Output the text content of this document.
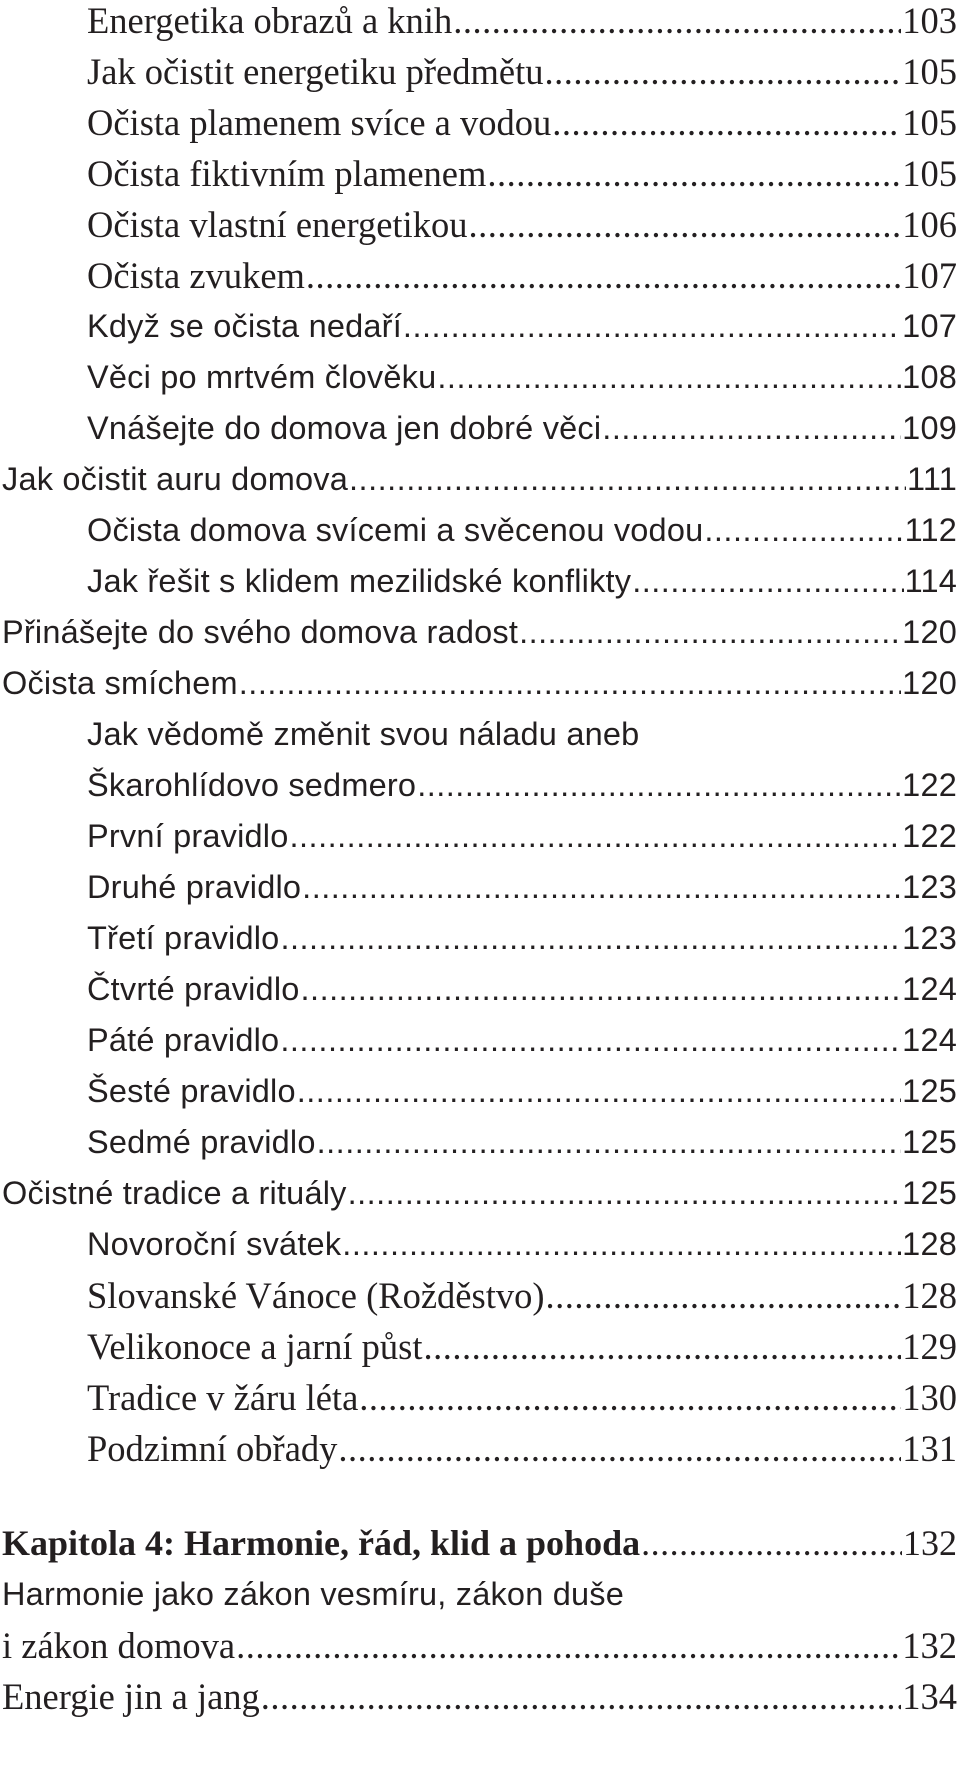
Energetika obrazů a knih .....	103
Jak očistit energetiku předmětu .....	105
Očista plamenem svíce a vodou .....	105
Očista fiktivním plamenem .....	105
Očista vlastní energetikou .....	106
Očista zvukem .....	107
Když se očista nedaří .....	107
Věci po mrtvém člověku .....	108
Vnášejte do domova jen dobré věci .....	109
Jak očistit auru domova .....	111
Očista domova svícemi a svěcenou vodou .....	112
Jak řešit s klidem mezilidské konflikty .....	114
Přinášejte do svého domova radost .....	120
Očista smíchem .....	120
Jak vědomě změnit svou náladu aneb
Škarohlídovo sedmero .....	122
První pravidlo .....	122
Druhé pravidlo .....	123
Třetí pravidlo .....	123
Čtvrté pravidlo .....	124
Páté pravidlo .....	124
Šesté pravidlo .....	125
Sedmé pravidlo .....	125
Očistné tradice a rituály .....	125
Novoroční svátek .....	128
Slovanské Vánoce (Rožděstvo) .....	128
Velikonoce a jarní půst .....	129
Tradice v žáru léta .....	130
Podzimní obřady .....	131
Kapitola 4: Harmonie, řád, klid a pohoda .....	132
Harmonie jako zákon vesmíru, zákon duše
i zákon domova .....	132
Energie jin a jang .....	134
